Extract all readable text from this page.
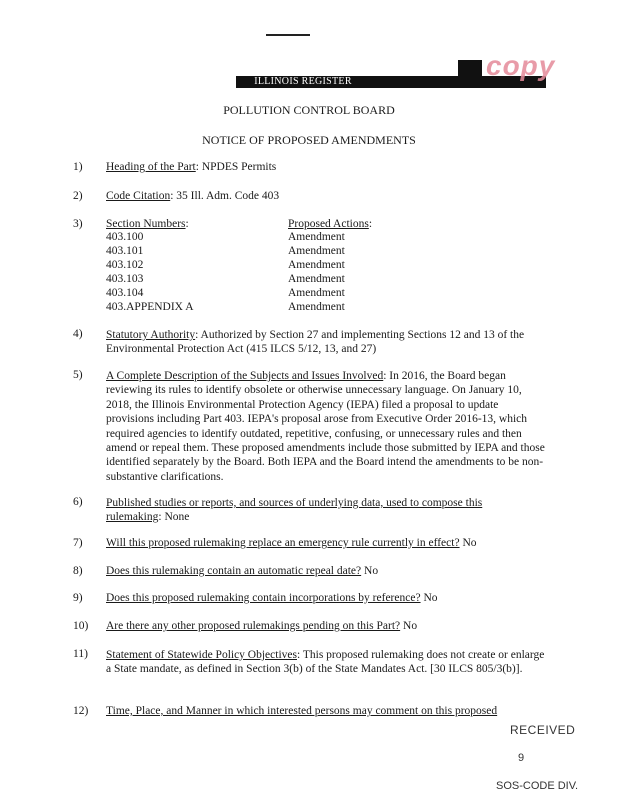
ILLINOIS REGISTER
copy
POLLUTION CONTROL BOARD
NOTICE OF PROPOSED AMENDMENTS
1)	Heading of the Part: NPDES Permits
2)	Code Citation: 35 Ill. Adm. Code 403
3)	Section Numbers:	Proposed Actions:
403.100	Amendment
403.101	Amendment
403.102	Amendment
403.103	Amendment
403.104	Amendment
403.APPENDIX A	Amendment
4)	Statutory Authority: Authorized by Section 27 and implementing Sections 12 and 13 of the Environmental Protection Act (415 ILCS 5/12, 13, and 27)
5)	A Complete Description of the Subjects and Issues Involved: In 2016, the Board began reviewing its rules to identify obsolete or otherwise unnecessary language. On January 10, 2018, the Illinois Environmental Protection Agency (IEPA) filed a proposal to update provisions including Part 403. IEPA's proposal arose from Executive Order 2016-13, which required agencies to identify outdated, repetitive, confusing, or unnecessary rules and then amend or repeal them. These proposed amendments include those submitted by IEPA and those identified separately by the Board. Both IEPA and the Board intend the amendments to be non-substantive clarifications.
6)	Published studies or reports, and sources of underlying data, used to compose this rulemaking: None
7)	Will this proposed rulemaking replace an emergency rule currently in effect? No
8)	Does this rulemaking contain an automatic repeal date? No
9)	Does this proposed rulemaking contain incorporations by reference? No
10)	Are there any other proposed rulemakings pending on this Part? No
11)	Statement of Statewide Policy Objectives: This proposed rulemaking does not create or enlarge a State mandate, as defined in Section 3(b) of the State Mandates Act. [30 ILCS 805/3(b)].
12)	Time, Place, and Manner in which interested persons may comment on this proposed
RECEIVED
9
SOS-CODE DIV.
